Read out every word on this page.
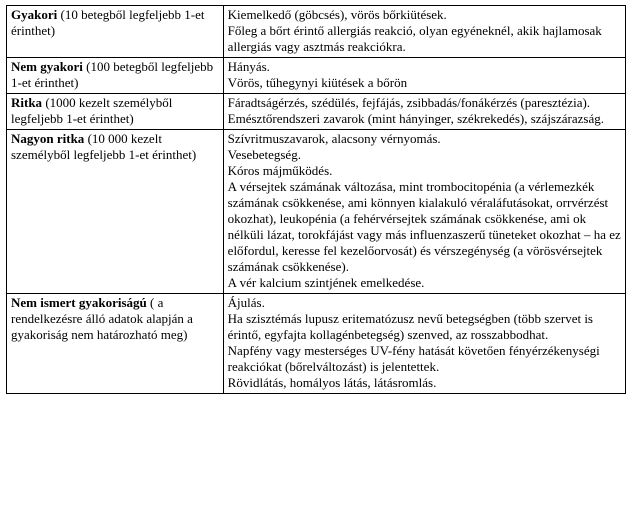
Gyakori (10 betegből legfeljebb 1-et érinthet)	Kiemelkedő (göbcsés), vörös bőrkiütések.
Főleg a bőrt érintő allergiás reakció, olyan egyéneknél, akik hajlamosak allergiás vagy asztmás reakciókra.

Nem gyakori (100 betegből legfeljebb 1-et érinthet)	Hányás.
Vörös, tűhegynyi kiütések a bőrön

Ritka (1000 kezelt személyből legfeljebb 1-et érinthet)	Fáradtságérzés, szédülés, fejfájás, zsibbadás/fonákérzés (paresztézia).
Emésztőrendszeri zavarok (mint hányinger, székrekedés), szájszárazság.

Nagyon ritka (10 000 kezelt személyből legfeljebb 1-et érinthet)	Szívritmuszavarok, alacsony vérnyomás.
Vesebetegség.
Kóros májműködés.
A vérsejtek számának változása, mint trombocitopénia (a vérlemezkék számának csökkenése, ami könnyen kialakuló véraláfutásokat, orrvérzést okozhat), leukopénia (a fehérvérsejtek számának csökkenése, ami ok nélküli lázat, torokfájást vagy más influenzaszerű tüneteket okozhat – ha ez előfordul, keresse fel kezelőorvosát) és vérszegénység (a vörösvérsejtek számának csökkenése).
A vér kalcium szintjének emelkedése.

Nem ismert gyakoriságú ( a rendelkezésre álló adatok alapján a gyakoriság nem határozható meg)	Ájulás.
Ha szisztémás lupusz eritematózusz nevű betegségben (több szervet is érintő, egyfajta kollagénbetegség) szenved, az rosszabbodhat.
Napfény vagy mesterséges UV-fény hatását követően fényérzékenységi reakciókat (bőrelváltozást) is jelentettek.
Rövidlátás, homályos látás, látásromlás.
